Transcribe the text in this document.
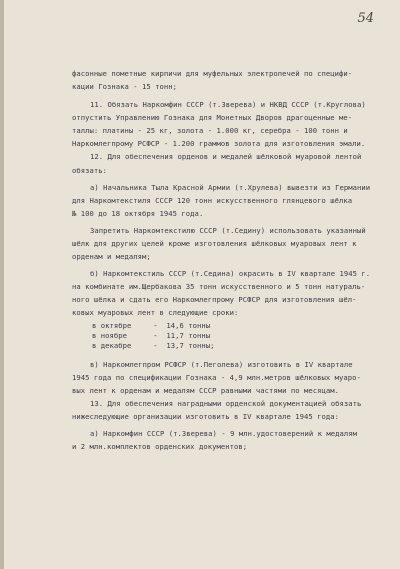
54
фасонные пометные кирпичи для муфельных электропечей по специфи-
кации Гознака - 15 тонн;
11. Обязать Наркомфин СССР (т.Зверева) и НКВД СССР (т.Круглова)
отпустить Управлению Гознака для Монетных Дворов драгоценные ме-
таллы: платины - 25 кг, золота - 1.000 кг, серебра - 100 тонн и
Наркомлегпрому РСФСР - 1.200 граммов золота для изготовления эмали.
12. Для обеспечения орденов и медалей шёлковой муаровой лентой
обязать:
а) Начальника Тыла Красной Армии (т.Хрулева) вывезти из Германии
для Наркомтекстиля СССР 120 тонн искусственного глянцевого шёлка
№ 100 до 18 октября 1945 года.
Запретить Наркомтекстилю СССР (т.Седину) использовать указанный
шёлк для других целей кроме изготовления шёлковых муаровых лент к
орденам и медалям;
б) Наркомтекстиль СССР (т.Седина) окрасить в IV квартале 1945 г.
на комбинате им.Щербакова 35 тонн искусственного и 5 тонн натураль-
ного шёлка и сдать его Наркомлегпрому РСФСР для изготовления шёл-
ковых муаровых лент в следующие сроки:
в октябре     -  14,6 тонны
в ноябре      -  11,7 тонны
в декабре     -  13,7 тонны;
в) Наркомлегпром РСФСР (т.Пеголева) изготовить в IV квартале
1945 года по спецификации Гознака - 4,9 млн.метров шёлковых муаро-
вых лент к орденам и медалям СССР равными частями по месяцам.
13. Для обеспечения наградными орденской документацией обязать
нижеследующие организации изготовить в IV квартале 1945 года:
а) Наркомфин СССР (т.Зверева) - 9 млн.удостоверений к медалям
и 2 млн.комплектов орденских документов;
